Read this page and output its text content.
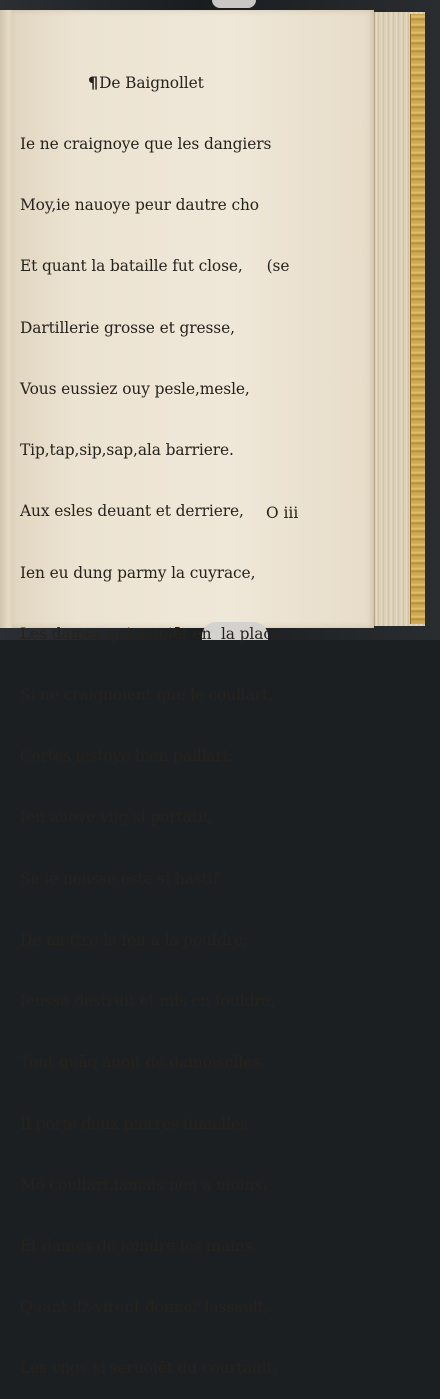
¶De Baignollet

Ie ne craignoye que les dangiers

Moy,ie nauoye peur dautre cho

Et quant la bataille fut close,     (se

Dartillerie grosse et gresse,

Vous eussiez ouy pesle,mesle,

Tip,tap,sip,sap,ala barriere.

Aux esles deuant et derriere,

Ien eu dung parmy la cuyrace,

Les dames qui estoiēt en  la place

Si ne craignoient que le coullart,

Certes iestoye bien paillart:

Ien auoye vng si portatif,

Se ie neusse este si hastif

De mettre le feu a la pouldre,

Ieusse destruit et mis en fouldre,

Tout quāq auoit de damoiselles,

Il porte deux pierres iumelles

Mō coullart,iamais nen a moins.

Et dames de ioindre les mains,

Quant ilz virent donner lassault,

Les vngs si seruoiēt du courtault,

O iii
